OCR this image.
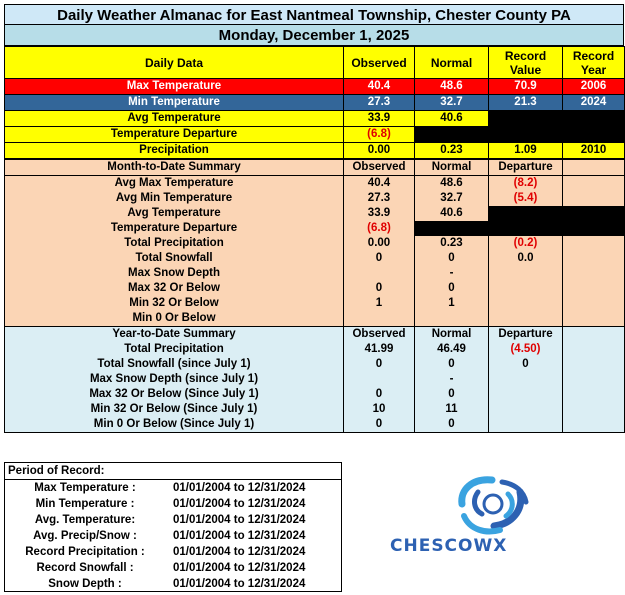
Daily Weather Almanac for East Nantmeal Township, Chester County PA
Monday, December 1, 2025
Daily Data	Observed	Normal	Record Value	Record Year
Max Temperature	40.4	48.6	70.9	2006
Min Temperature	27.3	32.7	21.3	2024
Avg Temperature	33.9	40.6		
Temperature Departure	(6.8)			
Precipitation	0.00	0.23	1.09	2010
Month-to-Date Summary	Observed	Normal	Departure	
Avg Max Temperature	40.4	48.6	(8.2)	
Avg Min Temperature	27.3	32.7	(5.4)	
Avg Temperature	33.9	40.6		
Temperature Departure	(6.8)			
Total Precipitation	0.00	0.23	(0.2)	
Total Snowfall	0	0	0.0	
Max Snow Depth		-		
Max 32 Or Below	0	0		
Min 32 Or Below	1	1		
Min 0 Or Below				
Year-to-Date Summary	Observed	Normal	Departure	
Total Precipitation	41.99	46.49	(4.50)	
Total Snowfall (since July 1)	0	0	0	
Max Snow Depth (since July 1)		-		
Max 32 Or Below (Since July 1)	0	0		
Min 32 Or Below (Since July 1)	10	11		
Min 0 Or Below (Since July 1)	0	0		
Period of Record:
Max Temperature :	01/01/2004 to 12/31/2024
Min Temperature :	01/01/2004 to 12/31/2024
Avg. Temperature:	01/01/2004 to 12/31/2024
Avg. Precip/Snow :	01/01/2004 to 12/31/2024
Record Precipitation :	01/01/2004 to 12/31/2024
Record Snowfall :	01/01/2004 to 12/31/2024
Snow Depth :	01/01/2004 to 12/31/2024
CHESCOWX
